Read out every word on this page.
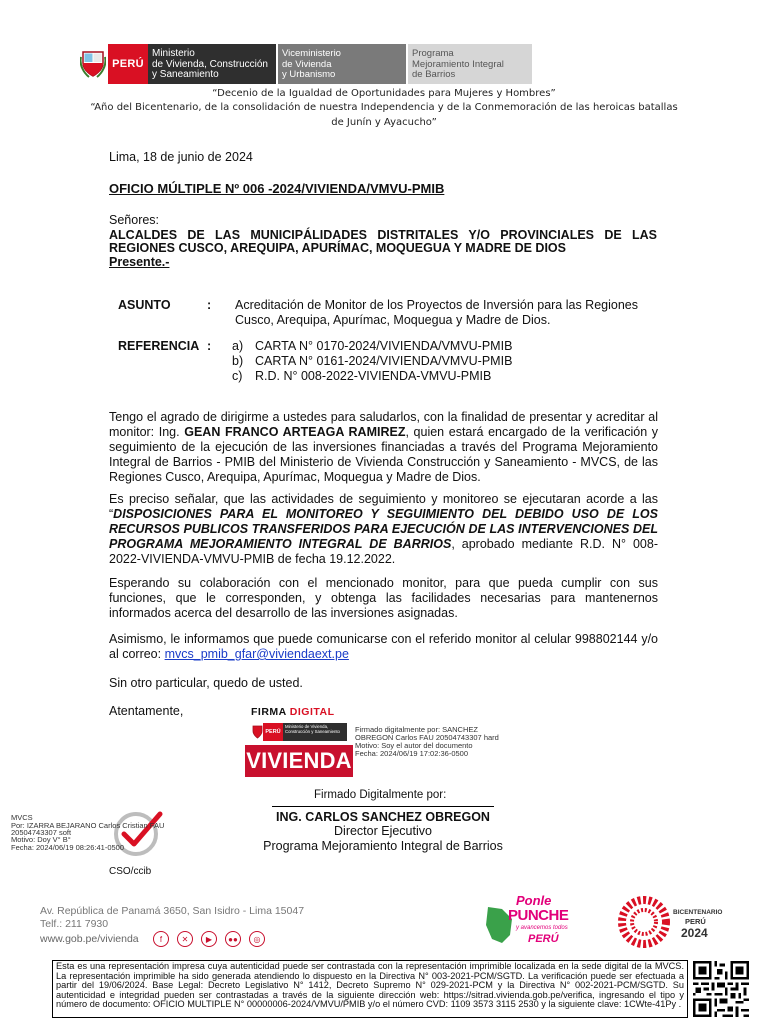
PERÚ
Ministerio
de Vivienda, Construcción
y Saneamiento
Viceministerio
de Vivienda
y Urbanismo
Programa
Mejoramiento Integral
de Barrios
“Decenio de la Igualdad de Oportunidades para Mujeres y Hombres”
“Año del Bicentenario, de la consolidación de nuestra Independencia y de la Conmemoración de las heroicas batallas
de Junín y Ayacucho”
Lima, 18 de junio de 2024
OFICIO MÚLTIPLE Nº 006 -2024/VIVIENDA/VMVU-PMIB
Señores:
ALCALDES DE LAS MUNICIPÁLIDADES DISTRITALES Y/O PROVINCIALES DE LAS
REGIONES CUSCO, AREQUIPA, APURÍMAC, MOQUEGUA Y MADRE DE DIOS
Presente.-
ASUNTO	: Acreditación de Monitor de los Proyectos de Inversión para las Regiones
Cusco, Arequipa, Apurímac, Moquegua y Madre de Dios.
REFERENCIA : a) CARTA N° 0170-2024/VIVIENDA/VMVU-PMIB
b) CARTA N° 0161-2024/VIVIENDA/VMVU-PMIB
c) R.D. N° 008-2022-VIVIENDA-VMVU-PMIB
Tengo el agrado de dirigirme a ustedes para saludarlos, con la finalidad de presentar y acreditar al monitor: Ing. GEAN FRANCO ARTEAGA RAMIREZ, quien estará encargado de la verificación y seguimiento de la ejecución de las inversiones financiadas a través del Programa Mejoramiento Integral de Barrios - PMIB del Ministerio de Vivienda Construcción y Saneamiento - MVCS, de las Regiones Cusco, Arequipa, Apurímac, Moquegua y Madre de Dios.
Es preciso señalar, que las actividades de seguimiento y monitoreo se ejecutaran acorde a las “DISPOSICIONES PARA EL MONITOREO Y SEGUIMIENTO DEL DEBIDO USO DE LOS RECURSOS PUBLICOS TRANSFERIDOS PARA EJECUCIÓN DE LAS INTERVENCIONES DEL PROGRAMA MEJORAMIENTO INTEGRAL DE BARRIOS, aprobado mediante R.D. N° 008-2022-VIVIENDA-VMVU-PMIB de fecha 19.12.2022.
Esperando su colaboración con el mencionado monitor, para que pueda cumplir con sus funciones, que le corresponden, y obtenga las facilidades necesarias para mantenernos informados acerca del desarrollo de las inversiones asignadas.
Asimismo, le informamos que puede comunicarse con el referido monitor al celular 998802144 y/o al correo: mvcs_pmib_gfar@viviendaext.pe
Sin otro particular, quedo de usted.
Atentamente,	FIRMA DIGITAL
PERÚ
Ministerio de Vivienda, Construcción y Saneamiento
VIVIENDA
Firmado digitalmente por: SANCHEZ
OBREGON Carlos FAU 20504743307 hard
Motivo: Soy el autor del documento
Fecha: 2024/06/19 17:02:36-0500
Firmado Digitalmente por:
ING. CARLOS SANCHEZ OBREGON
Director Ejecutivo
Programa Mejoramiento Integral de Barrios
MVCS
Por: IZARRA BEJARANO Carlos Cristian FAU
20504743307 soft
Motivo: Doy V° B°
Fecha: 2024/06/19 08:26:41-0500
CSO/ccib
Av. República de Panamá 3650, San Isidro - Lima 15047
Telf.: 211 7930
www.gob.pe/vivienda	f	✕	▶	●●	◎
Ponle
PUNCHE
y avancemos todos
PERÚ
BICENTENARIO
PERÚ
2024
Esta es una representación impresa cuya autenticidad puede ser contrastada con la representación imprimible localizada en la sede digital de la MVCS. La representación imprimible ha sido generada atendiendo lo dispuesto en la Directiva N° 003-2021-PCM/SGTD. La verificación puede ser efectuada a partir del 19/06/2024. Base Legal: Decreto Legislativo N° 1412, Decreto Supremo N° 029-2021-PCM y la Directiva N° 002-2021-PCM/SGTD. Su autenticidad e integridad pueden ser contrastadas a través de la siguiente dirección web: https://sitrad.vivienda.gob.pe/verifica, ingresando el tipo y número de documento: OFICIO MULTIPLE N° 00000006-2024/VMVU/PMIB y/o el número CVD: 1109 3573 3115 2530 y la siguiente clave: 1CWte-41Py .
